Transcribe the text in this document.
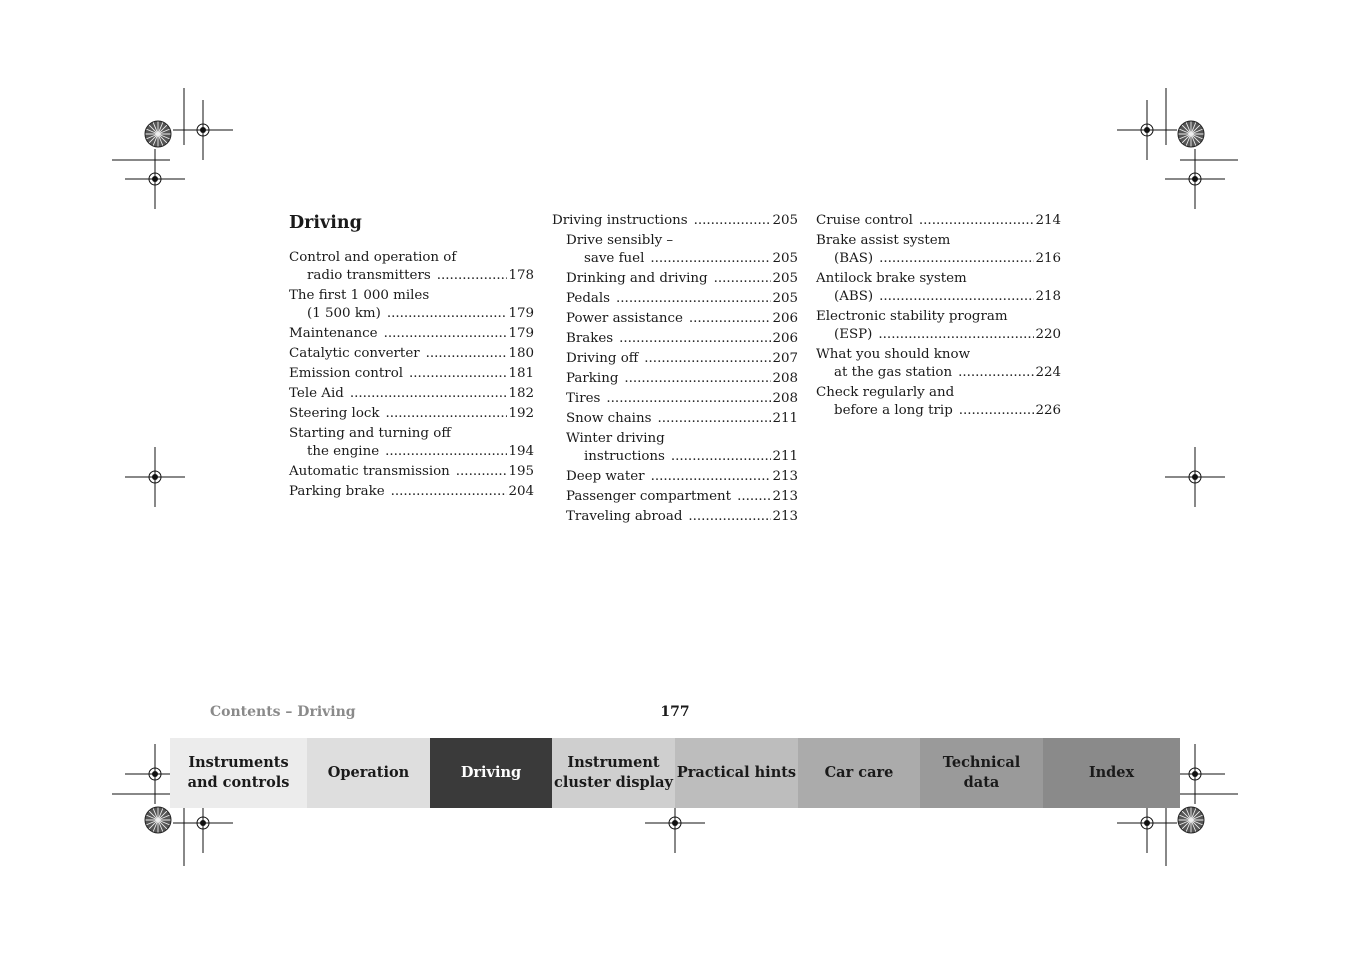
Driving
Control and operation of
radio transmitters .....	178
The first 1 000 miles
(1 500 km) .....	179
Maintenance .....	179
Catalytic converter .....	180
Emission control .....	181
Tele Aid .....	182
Steering lock .....	192
Starting and turning off
the engine .....	194
Automatic transmission .....	195
Parking brake .....	204
Driving instructions .....	205
Drive sensibly –
save fuel .....	205
Drinking and driving .....	205
Pedals .....	205
Power assistance .....	206
Brakes .....	206
Driving off .....	207
Parking .....	208
Tires .....	208
Snow chains .....	211
Winter driving
instructions .....	211
Deep water .....	213
Passenger compartment .....	213
Traveling abroad .....	213
Cruise control .....	214
Brake assist system
(BAS) .....	216
Antilock brake system
(ABS) .....	218
Electronic stability program
(ESP) .....	220
What you should know
at the gas station .....	224
Check regularly and
before a long trip .....	226
Contents – Driving	177
Instruments
and controls
Operation	Driving
Instrument
cluster display
Practical hints Car care
Technical
data
Index
